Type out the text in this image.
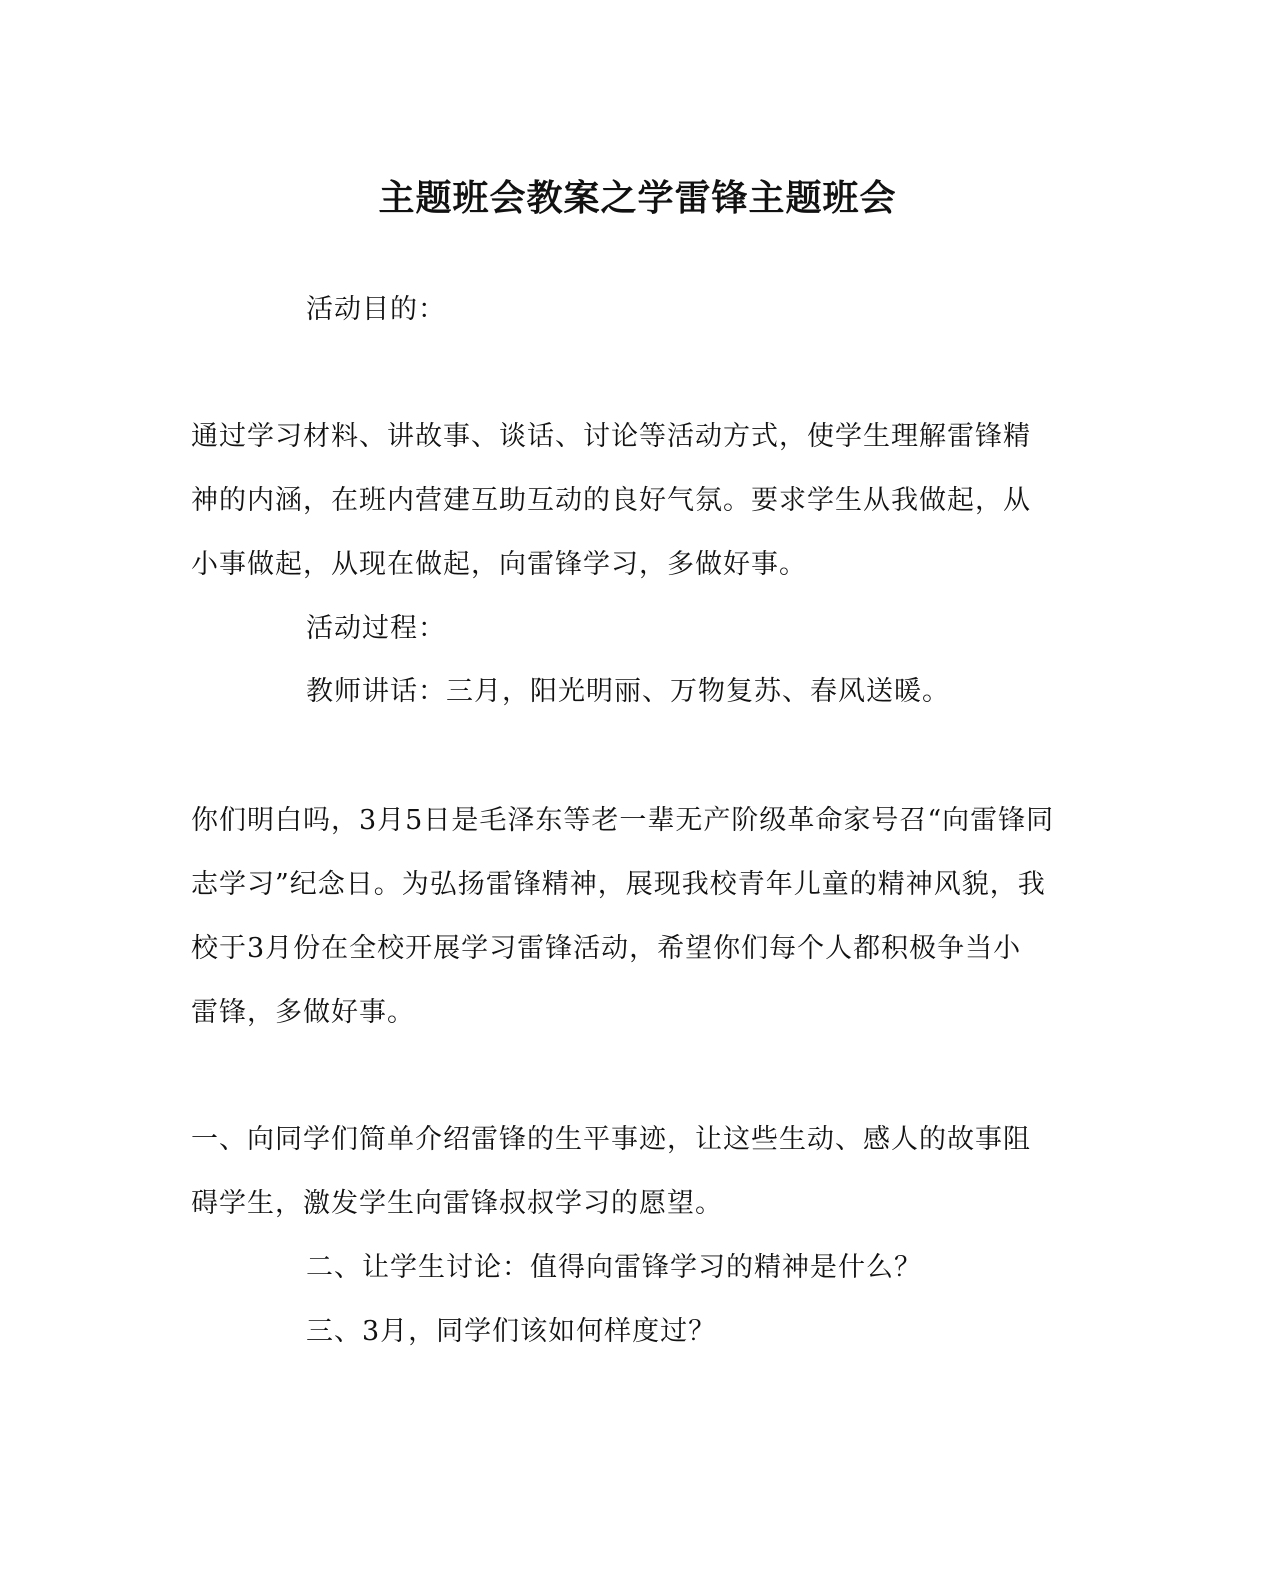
主题班会教案之学雷锋主题班会
活动目的：
通过学习材料、讲故事、谈话、讨论等活动方式，使学生理解雷锋精
神的内涵，在班内营建互助互动的良好气氛。要求学生从我做起，从
小事做起，从现在做起，向雷锋学习，多做好事。
活动过程：
教师讲话：三月，阳光明丽、万物复苏、春风送暖。
你们明白吗，3月5日是毛泽东等老一辈无产阶级革命家号召“向雷锋同
志学习”纪念日。为弘扬雷锋精神，展现我校青年儿童的精神风貌，我
校于3月份在全校开展学习雷锋活动，希望你们每个人都积极争当小
雷锋，多做好事。
一、向同学们简单介绍雷锋的生平事迹，让这些生动、感人的故事阻
碍学生，激发学生向雷锋叔叔学习的愿望。
二、让学生讨论：值得向雷锋学习的精神是什么？
三、3月，同学们该如何样度过？
